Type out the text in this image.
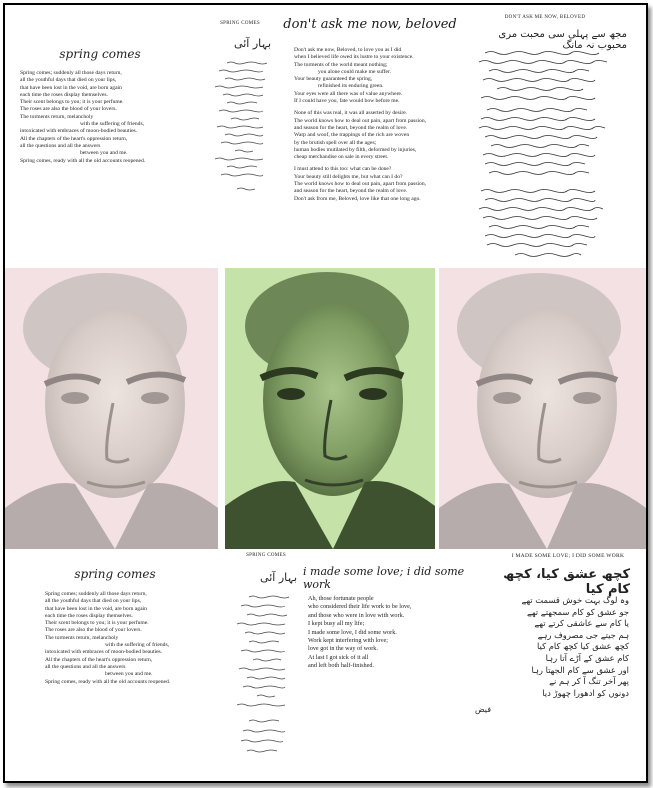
spring comes
Spring comes; suddenly all those days return,
all the youthful days that died on your lips,
that have been lost in the void, are born again
each time the roses display themselves.
Their scent belongs to you; it is your perfume.
The roses are also the blood of your lovers.
The torments return, melancholy
with the suffering of friends,
intoxicated with embraces of moon-bodied beauties.
All the chapters of the heart's oppression return,
all the questions and all the answers
between you and me.
Spring comes, ready with all the old accounts reopened.
SPRING COMES
بہار آئی
don't ask me now, beloved
Don't ask me now, Beloved, to love you as I did
when I believed life owed its lustre to your existence.
The torments of the world meant nothing;
you alone could make me suffer.
Your beauty guaranteed the spring,
refinished its enduring green.
Your eyes were all there was of value anywhere.
If I could have you, fate would bow before me.
None of this was real, it was all asserted by desire.
The world knows how to deal out pain, apart from passion,
and season for the heart, beyond the realm of love.
Warp and woof, the trappings of the rich are woven
by the brutish spell over all the ages;
human bodies mutilated by filth, deformed by injuries,
cheap merchandise on sale in every street.
I must attend to this too: what can be done?
Your beauty still delights me, but what can I do?
The world knows how to deal out pain, apart from passion,
and season for the heart, beyond the realm of love.
Don't ask from me, Beloved, love like that one long ago.
DON'T ASK ME NOW, BELOVED
مجھ سے پہلی سی محبت مری محبوب نہ مانگ
spring comes
Spring comes; suddenly all those days return,
all the youthful days that died on your lips,
that have been lost in the void, are born again
each time the roses display themselves.
Their scent belongs to you; it is your perfume.
The roses are also the blood of your lovers.
The torments return, melancholy
with the suffering of friends,
intoxicated with embraces of moon-bodied beauties.
All the chapters of the heart's oppression return,
all the questions and all the answers
between you and me.
Spring comes, ready with all the old accounts reopened.
SPRING COMES
بہار آئی i made some love; i did some work
Ah, those fortunate people
who considered their life work to be love,
and those who were in love with work.
I kept busy all my life;
I made some love, I did some work.
Work kept interfering with love;
love got in the way of work.
At last I got sick of it all
and left both half-finished.
I MADE SOME LOVE; I DID SOME WORK
کچھ عشق کیا، کچھ کام کیا
وہ لوگ بہت خوش قسمت تھے
جو عشق کو کام سمجھتے تھے
یا کام سے عاشقی کرتے تھے
ہم جیتے جی مصروف رہے
کچھ عشق کیا کچھ کام کیا
کام عشق کے آڑے آتا رہا
اور عشق سے کام الجھتا رہا
پھر آخر تنگ آ کر ہم نے
دونوں کو ادھورا چھوڑ دیا
فیض
